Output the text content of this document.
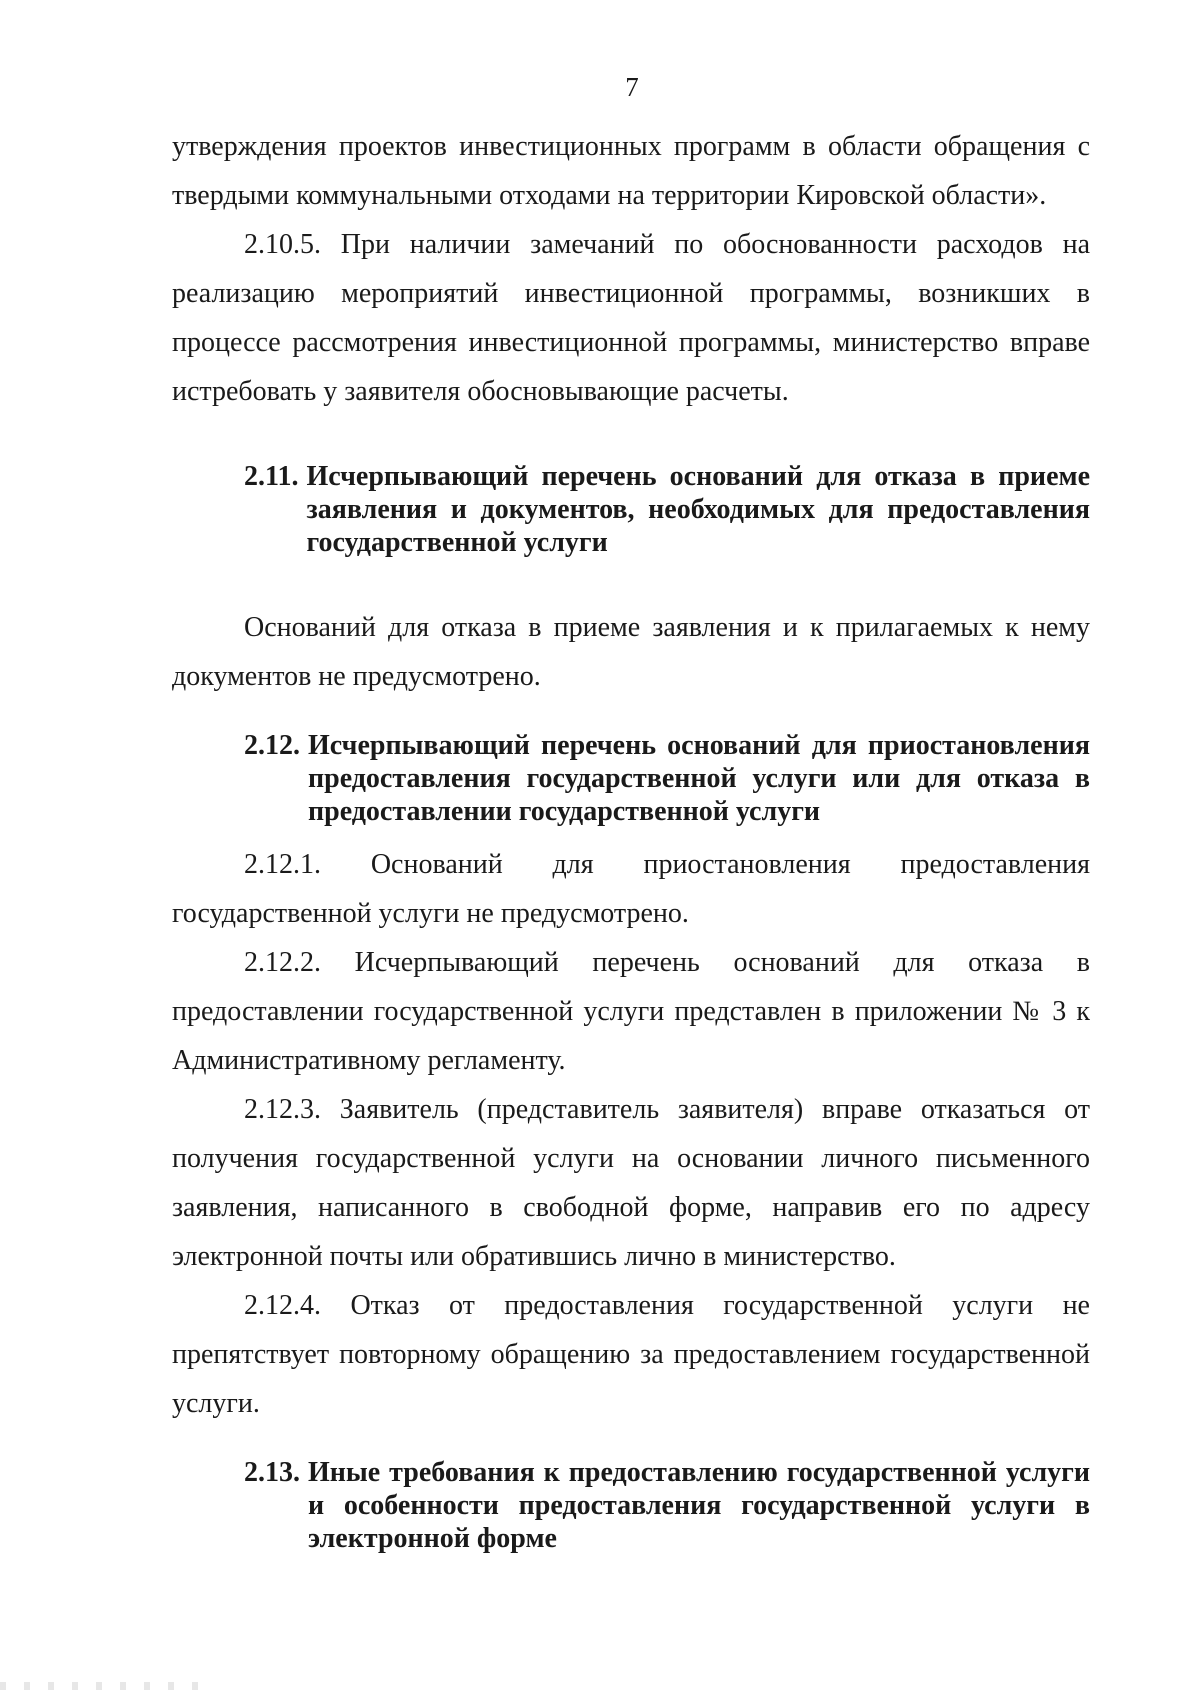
7

утверждения проектов инвестиционных программ в области обращения с твердыми коммунальными отходами на территории Кировской области».

2.10.5. При наличии замечаний по обоснованности расходов на реализацию мероприятий инвестиционной программы, возникших в процессе рассмотрения инвестиционной программы, министерство вправе истребовать у заявителя обосновывающие расчеты.

2.11. Исчерпывающий перечень оснований для отказа в приеме заявления и документов, необходимых для предоставления государственной услуги

Оснований для отказа в приеме заявления и к прилагаемых к нему документов не предусмотрено.

2.12. Исчерпывающий перечень оснований для приостановления предоставления государственной услуги или для отказа в предоставлении государственной услуги

2.12.1. Оснований для приостановления предоставления государственной услуги не предусмотрено.

2.12.2. Исчерпывающий перечень оснований для отказа в предоставлении государственной услуги представлен в приложении № 3 к Административному регламенту.

2.12.3. Заявитель (представитель заявителя) вправе отказаться от получения государственной услуги на основании личного письменного заявления, написанного в свободной форме, направив его по адресу электронной почты или обратившись лично в министерство.

2.12.4. Отказ от предоставления государственной услуги не препятствует повторному обращению за предоставлением государственной услуги.

2.13. Иные требования к предоставлению государственной услуги и особенности предоставления государственной услуги в электронной форме
